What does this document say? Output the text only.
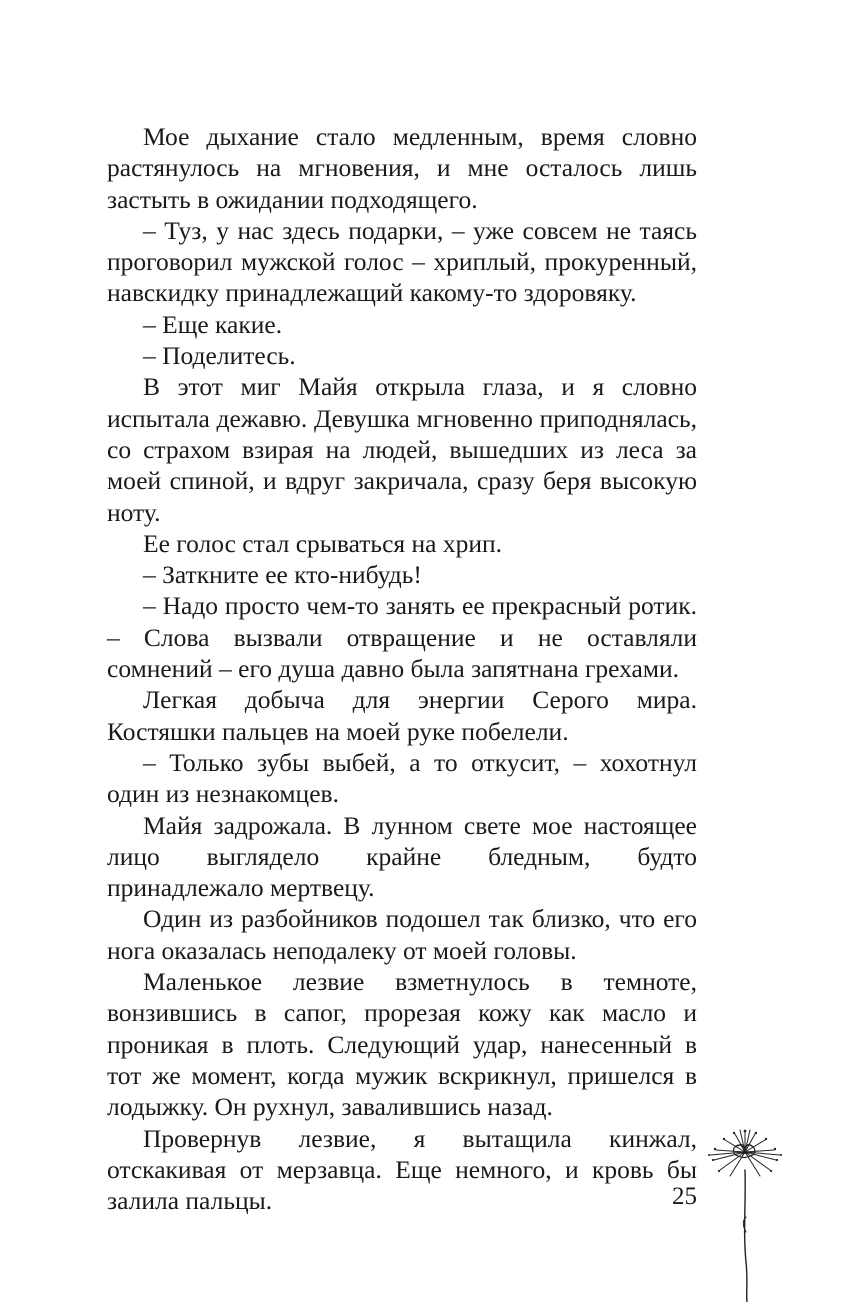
Мое дыхание стало медленным, время словно растянулось на мгновения, и мне осталось лишь застыть в ожидании подходящего.

– Туз, у нас здесь подарки, – уже совсем не таясь проговорил мужской голос – хриплый, прокуренный, навскидку принадлежащий какому-то здоровяку.

– Еще какие.

– Поделитесь.

В этот миг Майя открыла глаза, и я словно испытала дежавю. Девушка мгновенно приподнялась, со страхом взирая на людей, вышедших из леса за моей спиной, и вдруг закричала, сразу беря высокую ноту.

Ее голос стал срываться на хрип.

– Заткните ее кто-нибудь!

– Надо просто чем-то занять ее прекрасный ротик. – Слова вызвали отвращение и не оставляли сомнений – его душа давно была запятнана грехами.

Легкая добыча для энергии Серого мира. Костяшки пальцев на моей руке побелели.

– Только зубы выбей, а то откусит, – хохотнул один из незнакомцев.

Майя задрожала. В лунном свете мое настоящее лицо выглядело крайне бледным, будто принадлежало мертвецу.

Один из разбойников подошел так близко, что его нога оказалась неподалеку от моей головы.

Маленькое лезвие взметнулось в темноте, вонзившись в сапог, прорезая кожу как масло и проникая в плоть. Следующий удар, нанесенный в тот же момент, когда мужик вскрикнул, пришелся в лодыжку. Он рухнул, завалившись назад.

Провернув лезвие, я вытащила кинжал, отскакивая от мерзавца. Еще немного, и кровь бы залила пальцы.	25
